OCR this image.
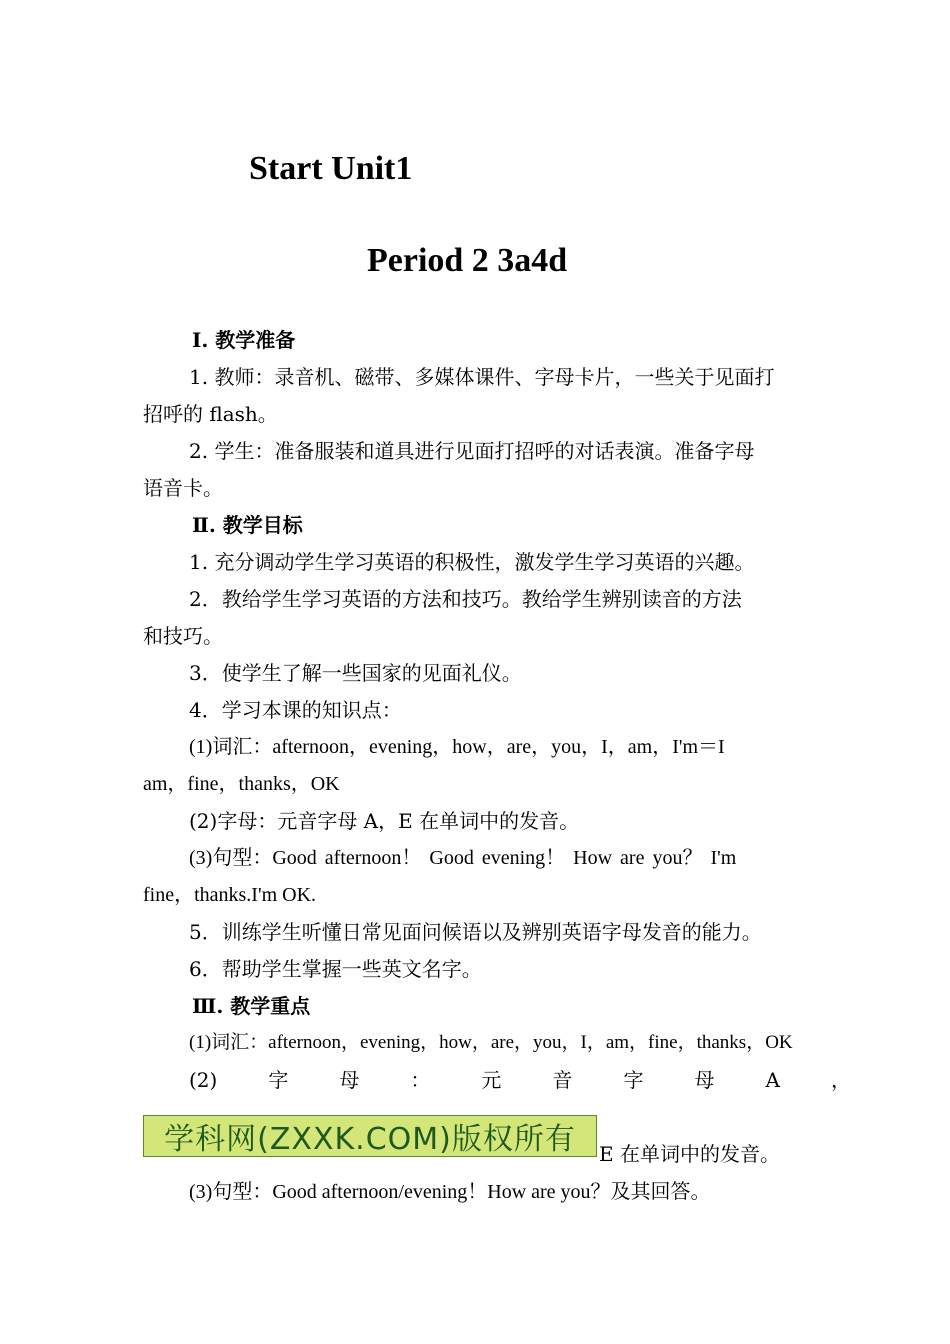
Start Unit1
Period 2 3a4d
Ⅰ. 教学准备
1. 教师：录音机、磁带、多媒体课件、字母卡片，一些关于见面打
招呼的 flash。
2. 学生：准备服装和道具进行见面打招呼的对话表演。准备字母
语音卡。
Ⅱ. 教学目标
1. 充分调动学生学习英语的积极性，激发学生学习英语的兴趣。
2．教给学生学习英语的方法和技巧。教给学生辨别读音的方法
和技巧。
3．使学生了解一些国家的见面礼仪。
4．学习本课的知识点：
(1)词汇：afternoon，evening，how，are，you，I，am，I'm＝I
am，fine，thanks，OK
(2)字母：元音字母 A，E 在单词中的发音。
(3)句型：Good afternoon！ Good evening！ How are you？ I'm
fine，thanks.I'm OK.
5．训练学生听懂日常见面问候语以及辨别英语字母发音的能力。
6．帮助学生掌握一些英文名字。
Ⅲ. 教学重点
(1)词汇：afternoon，evening，how，are，you，I，am，fine，thanks，OK
(2)	字	母	：	元	音	字	母	A	，
学科网(ZXXK.COM)版权所有	E 在单词中的发音。
(3)句型：Good afternoon/evening！How are you？及其回答。
